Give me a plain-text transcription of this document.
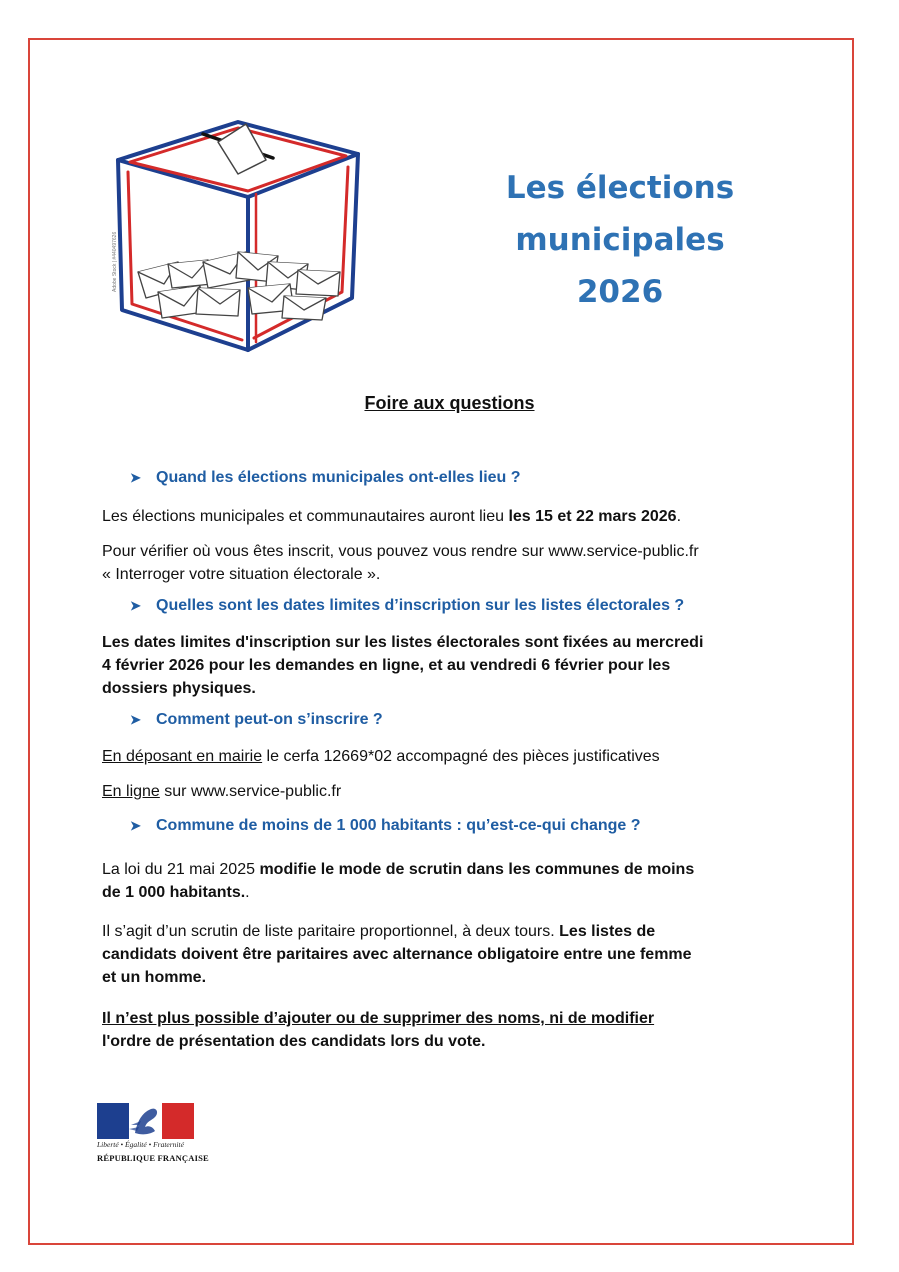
Adobe Stock | #440497626
Les élections
municipales
2026
Foire aux questions
➤ Quand les élections municipales ont-elles lieu ?
Les élections municipales et communautaires auront lieu les 15 et 22 mars 2026.
Pour vérifier où vous êtes inscrit, vous pouvez vous rendre sur www.service-public.fr
« Interroger votre situation électorale ».
➤ Quelles sont les dates limites d’inscription sur les listes électorales ?
Les dates limites d'inscription sur les listes électorales sont fixées au mercredi
4 février 2026 pour les demandes en ligne, et au vendredi 6 février pour les
dossiers physiques.
➤ Comment peut-on s’inscrire ?
En déposant en mairie le cerfa 12669*02 accompagné des pièces justificatives
En ligne sur www.service-public.fr
➤ Commune de moins de 1 000 habitants : qu’est-ce-qui change ?
La loi du 21 mai 2025 modifie le mode de scrutin dans les communes de moins
de 1 000 habitants..
Il s’agit d’un scrutin de liste paritaire proportionnel, à deux tours. Les listes de
candidats doivent être paritaires avec alternance obligatoire entre une femme
et un homme.
Il n’est plus possible d’ajouter ou de supprimer des noms, ni de modifier
l'ordre de présentation des candidats lors du vote.
Liberté • Égalité • Fraternité
RÉPUBLIQUE FRANÇAISE
